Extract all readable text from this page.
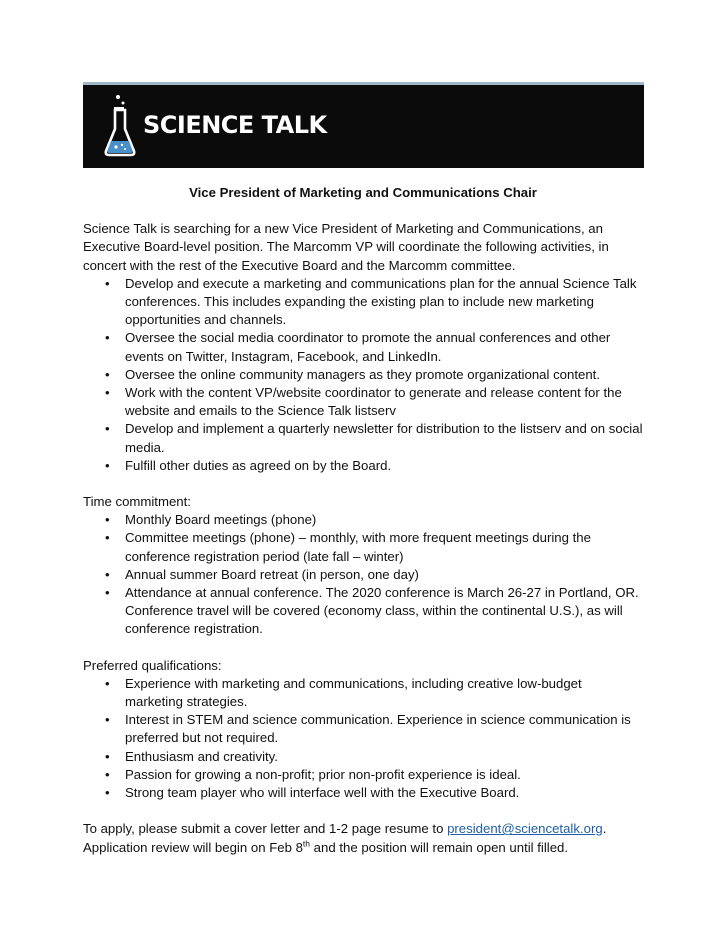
SCIENCE TALK
Vice President of Marketing and Communications Chair

Science Talk is searching for a new Vice President of Marketing and Communications, an Executive Board-level position. The Marcomm VP will coordinate the following activities, in concert with the rest of the Executive Board and the Marcomm committee.

• Develop and execute a marketing and communications plan for the annual Science Talk conferences. This includes expanding the existing plan to include new marketing opportunities and channels.
• Oversee the social media coordinator to promote the annual conferences and other events on Twitter, Instagram, Facebook, and LinkedIn.
• Oversee the online community managers as they promote organizational content.
• Work with the content VP/website coordinator to generate and release content for the website and emails to the Science Talk listserv
• Develop and implement a quarterly newsletter for distribution to the listserv and on social media.
• Fulfill other duties as agreed on by the Board.

Time commitment:

• Monthly Board meetings (phone)
• Committee meetings (phone) – monthly, with more frequent meetings during the conference registration period (late fall – winter)
• Annual summer Board retreat (in person, one day)
• Attendance at annual conference. The 2020 conference is March 26-27 in Portland, OR. Conference travel will be covered (economy class, within the continental U.S.), as will conference registration.

Preferred qualifications:

• Experience with marketing and communications, including creative low-budget marketing strategies.
• Interest in STEM and science communication. Experience in science communication is preferred but not required.
• Enthusiasm and creativity.
• Passion for growing a non-profit; prior non-profit experience is ideal.
• Strong team player who will interface well with the Executive Board.

To apply, please submit a cover letter and 1-2 page resume to president@sciencetalk.org.
Application review will begin on Feb 8th and the position will remain open until filled.
